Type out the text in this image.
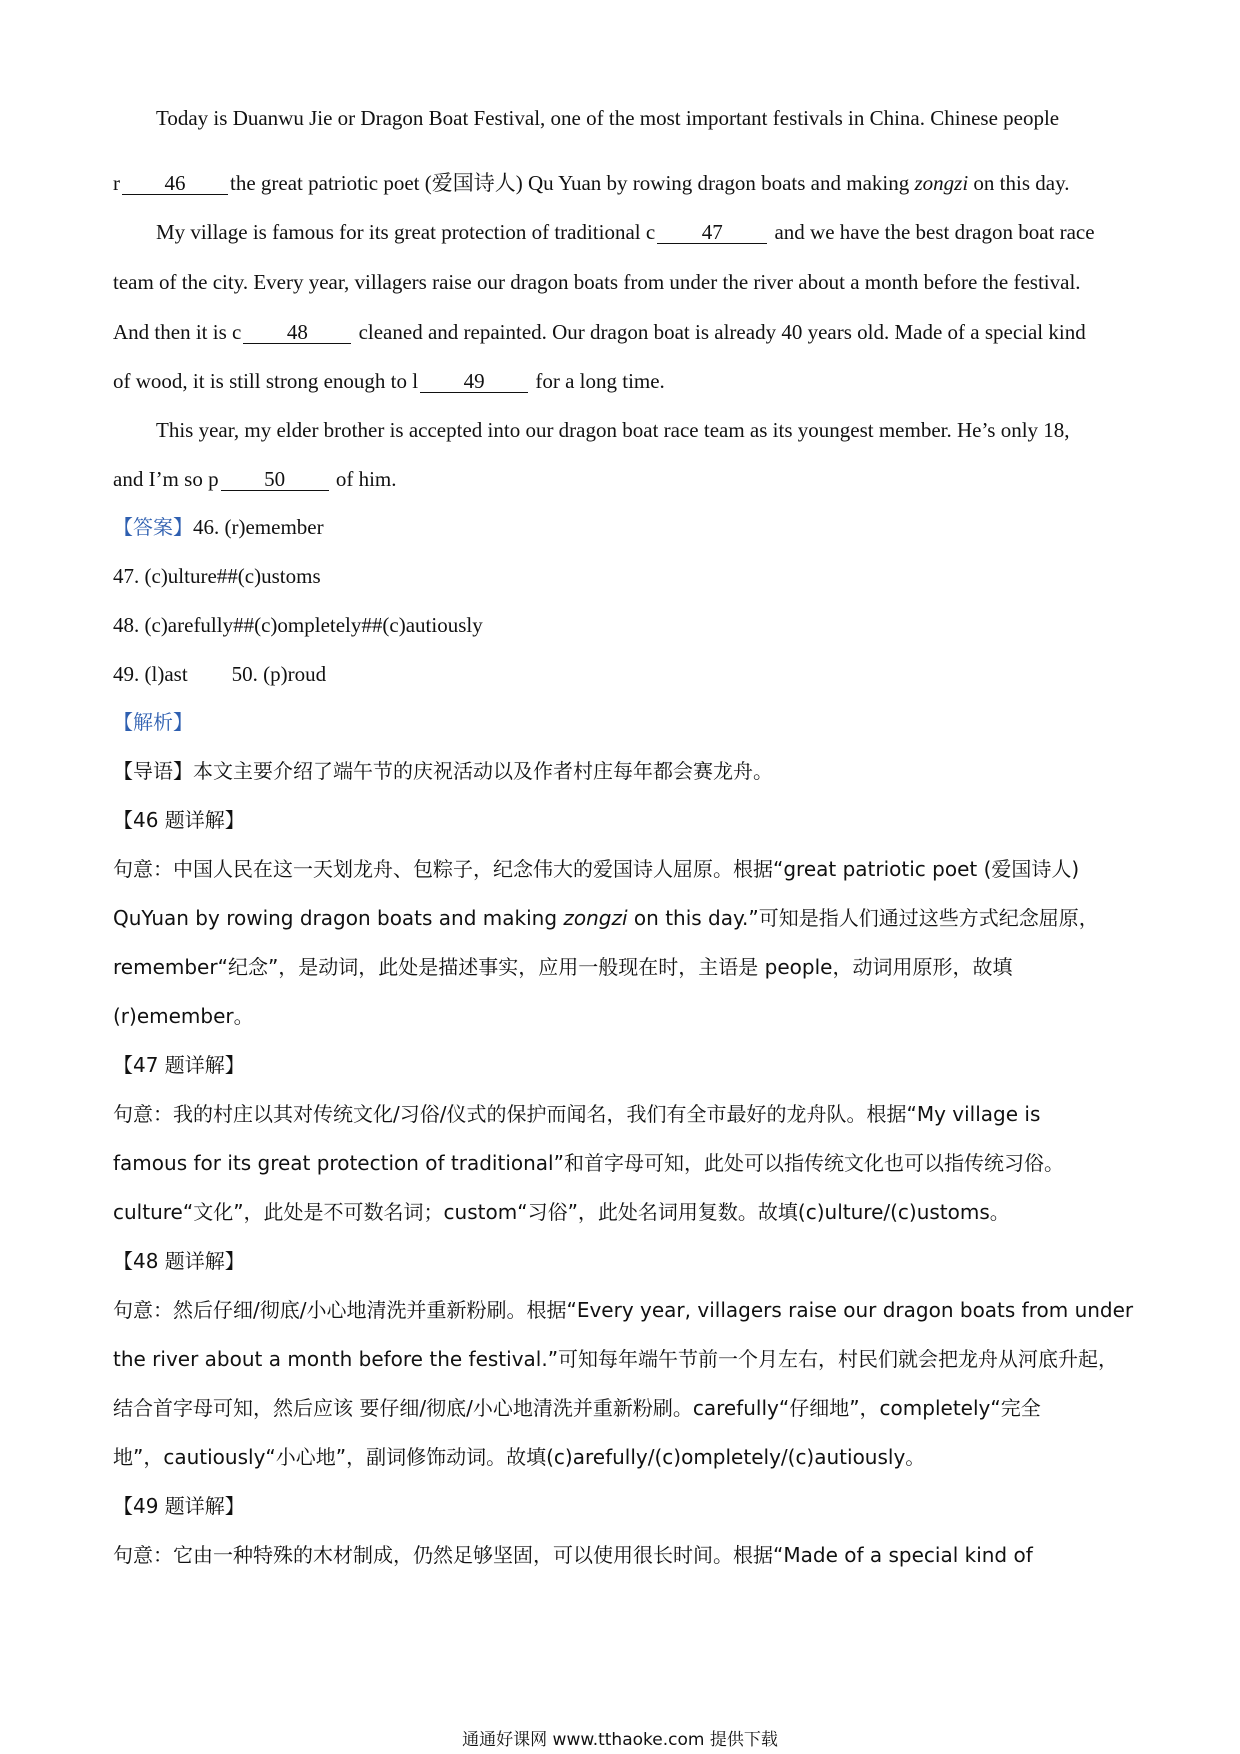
Today is Duanwu Jie or Dragon Boat Festival, one of the most important festivals in China. Chinese people
r 46 the great patriotic poet (爱国诗人) Qu Yuan by rowing dragon boats and making zongzi on this day.
My village is famous for its great protection of traditional c 47 and we have the best dragon boat race
team of the city. Every year, villagers raise our dragon boats from under the river about a month before the festival.
And then it is c 48 cleaned and repainted. Our dragon boat is already 40 years old. Made of a special kind
of wood, it is still strong enough to l 49 for a long time.
This year, my elder brother is accepted into our dragon boat race team as its youngest member. He’s only 18,
and I’m so p 50 of him.
【答案】46. (r)emember
47. (c)ulture##(c)ustoms
48. (c)arefully##(c)ompletely##(c)autiously
49. (l)ast 50. (p)roud
【解析】
【导语】本文主要介绍了端午节的庆祝活动以及作者村庄每年都会赛龙舟。
【46 题详解】
句意：中国人民在这一天划龙舟、包粽子，纪念伟大的爱国诗人屈原。根据“great patriotic poet (爱国诗人)
QuYuan by rowing dragon boats and making zongzi on this day.”可知是指人们通过这些方式纪念屈原，
remember“纪念”，是动词，此处是描述事实，应用一般现在时，主语是 people，动词用原形，故填
(r)emember。
【47 题详解】
句意：我的村庄以其对传统文化/习俗/仪式的保护而闻名，我们有全市最好的龙舟队。根据“My village is
famous for its great protection of traditional”和首字母可知，此处可以指传统文化也可以指传统习俗。
culture“文化”，此处是不可数名词；custom“习俗”，此处名词用复数。故填(c)ulture/(c)ustoms。
【48 题详解】
句意：然后仔细/彻底/小心地清洗并重新粉刷。根据“Every year, villagers raise our dragon boats from under
the river about a month before the festival.”可知每年端午节前一个月左右，村民们就会把龙舟从河底升起，
结合首字母可知，然后应该 要仔细/彻底/小心地清洗并重新粉刷。carefully“仔细地”，completely“完全
地”，cautiously“小心地”，副词修饰动词。故填(c)arefully/(c)ompletely/(c)autiously。
【49 题详解】
句意：它由一种特殊的木材制成，仍然足够坚固，可以使用很长时间。根据“Made of a special kind of
通通好课网 www.tthaoke.com 提供下载
